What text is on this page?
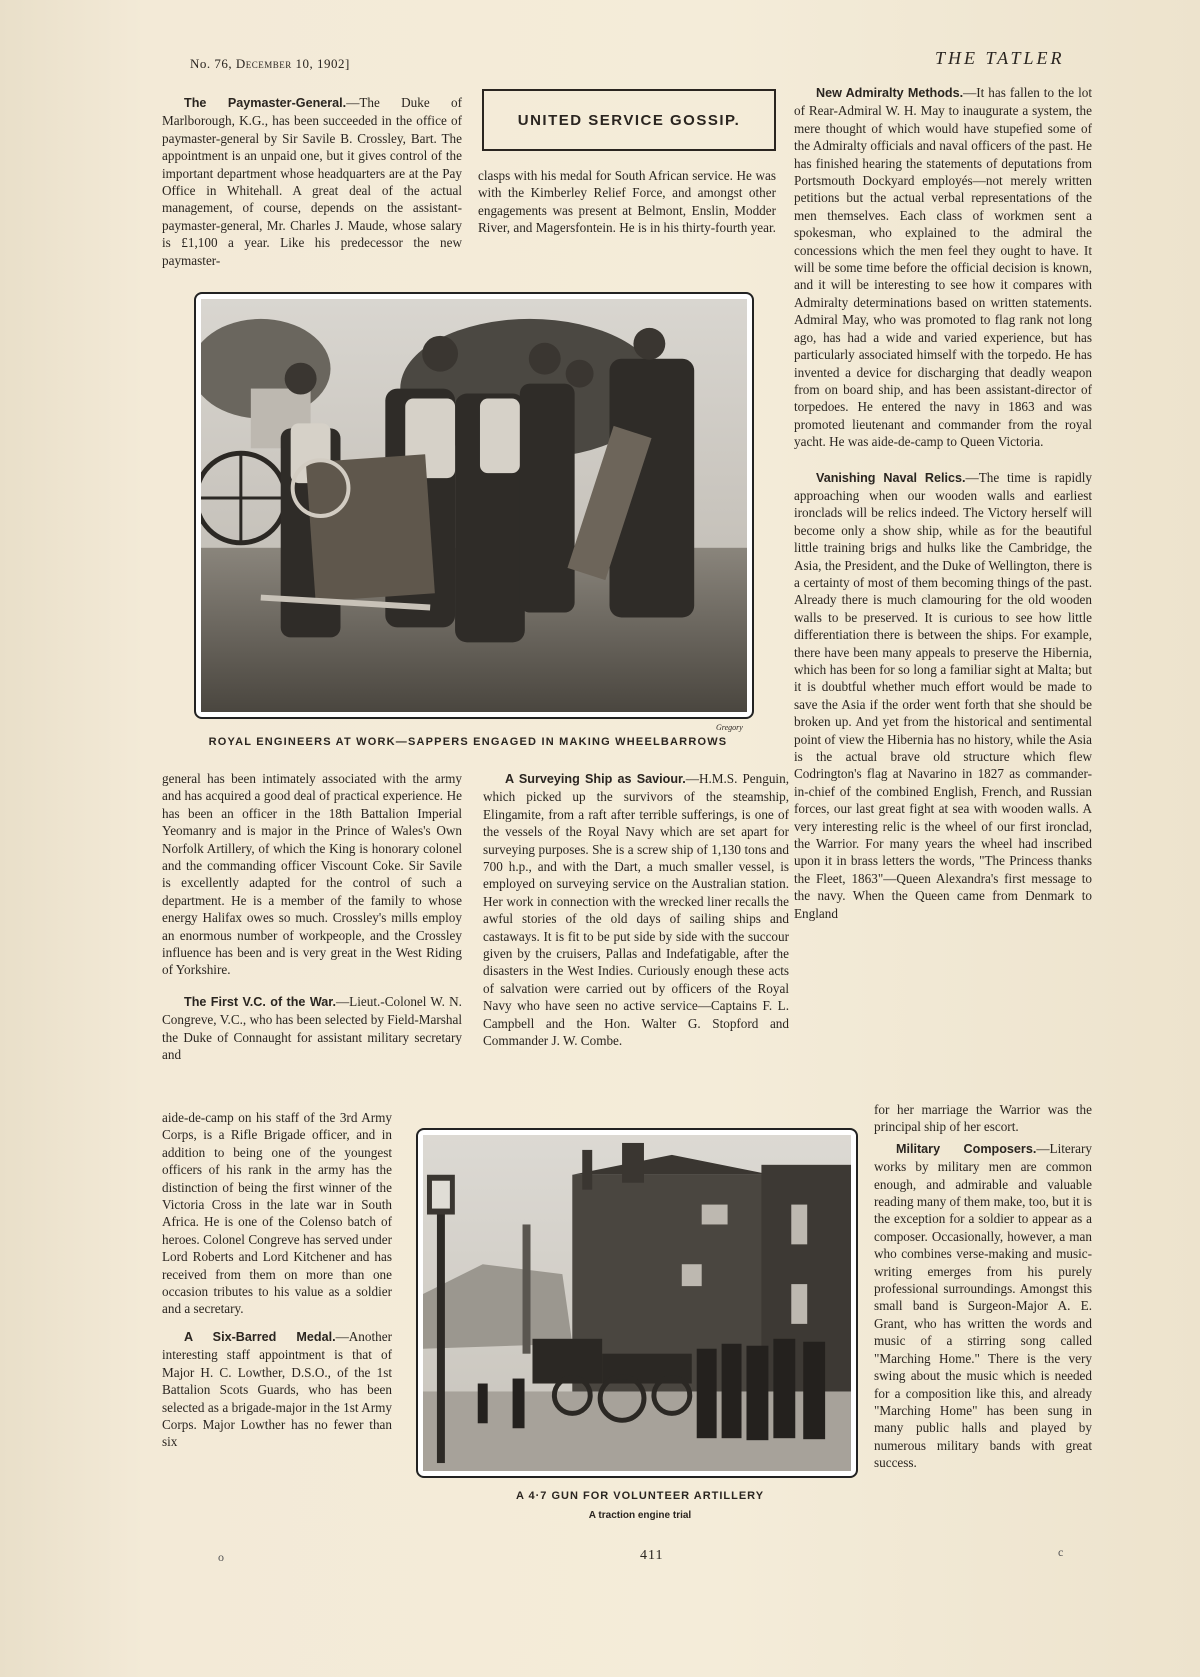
No. 76, December 10, 1902]	THE TATLER

The Paymaster-General.—The Duke of Marlborough, K.G., has been succeeded in the office of paymaster-general by Sir Savile B. Crossley, Bart. The appointment is an unpaid one, but it gives control of the important department whose headquarters are at the Pay Office in Whitehall. A great deal of the actual management, of course, depends on the assistant-paymaster-general, Mr. Charles J. Maude, whose salary is £1,100 a year. Like his predecessor the new paymaster-

UNITED SERVICE GOSSIP.

clasps with his medal for South African service. He was with the Kimberley Relief Force, and amongst other engagements was present at Belmont, Enslin, Modder River, and Magersfontein. He is in his thirty-fourth year.

Gregory
ROYAL ENGINEERS AT WORK—SAPPERS ENGAGED IN MAKING WHEELBARROWS

general has been intimately associated with the army and has acquired a good deal of practical experience. He has been an officer in the 18th Battalion Imperial Yeomanry and is major in the Prince of Wales's Own Norfolk Artillery, of which the King is honorary colonel and the commanding officer Viscount Coke. Sir Savile is excellently adapted for the control of such a department. He is a member of the family to whose energy Halifax owes so much. Crossley's mills employ an enormous number of workpeople, and the Crossley influence has been and is very great in the West Riding of Yorkshire.

The First V.C. of the War.—Lieut.-Colonel W. N. Congreve, V.C., who has been selected by Field-Marshal the Duke of Connaught for assistant military secretary and

aide-de-camp on his staff of the 3rd Army Corps, is a Rifle Brigade officer, and in addition to being one of the youngest officers of his rank in the army has the distinction of being the first winner of the Victoria Cross in the late war in South Africa. He is one of the Colenso batch of heroes. Colonel Congreve has served under Lord Roberts and Lord Kitchener and has received from them on more than one occasion tributes to his value as a soldier and a secretary.

A Six-Barred Medal.—Another interesting staff appointment is that of Major H. C. Lowther, D.S.O., of the 1st Battalion Scots Guards, who has been selected as a brigade-major in the 1st Army Corps. Major Lowther has no fewer than six

A Surveying Ship as Saviour.—H.M.S. Penguin, which picked up the survivors of the steamship, Elingamite, from a raft after terrible sufferings, is one of the vessels of the Royal Navy which are set apart for surveying purposes. She is a screw ship of 1,130 tons and 700 h.p., and with the Dart, a much smaller vessel, is employed on surveying service on the Australian station. Her work in connection with the wrecked liner recalls the awful stories of the old days of sailing ships and castaways. It is fit to be put side by side with the succour given by the cruisers, Pallas and Indefatigable, after the disasters in the West Indies. Curiously enough these acts of salvation were carried out by officers of the Royal Navy who have seen no active service—Captains F. L. Campbell and the Hon. Walter G. Stopford and Commander J. W. Combe.

A 4·7 GUN FOR VOLUNTEER ARTILLERY
A traction engine trial

New Admiralty Methods.—It has fallen to the lot of Rear-Admiral W. H. May to inaugurate a system, the mere thought of which would have stupefied some of the Admiralty officials and naval officers of the past. He has finished hearing the statements of deputations from Portsmouth Dockyard employés—not merely written petitions but the actual verbal representations of the men themselves. Each class of workmen sent a spokesman, who explained to the admiral the concessions which the men feel they ought to have. It will be some time before the official decision is known, and it will be interesting to see how it compares with Admiralty determinations based on written statements. Admiral May, who was promoted to flag rank not long ago, has had a wide and varied experience, but has particularly associated himself with the torpedo. He has invented a device for discharging that deadly weapon from on board ship, and has been assistant-director of torpedoes. He entered the navy in 1863 and was promoted lieutenant and commander from the royal yacht. He was aide-de-camp to Queen Victoria.

Vanishing Naval Relics.—The time is rapidly approaching when our wooden walls and earliest ironclads will be relics indeed. The Victory herself will become only a show ship, while as for the beautiful little training brigs and hulks like the Cambridge, the Asia, the President, and the Duke of Wellington, there is a certainty of most of them becoming things of the past. Already there is much clamouring for the old wooden walls to be preserved. It is curious to see how little differentiation there is between the ships. For example, there have been many appeals to preserve the Hibernia, which has been for so long a familiar sight at Malta; but it is doubtful whether much effort would be made to save the Asia if the order went forth that she should be broken up. And yet from the historical and sentimental point of view the Hibernia has no history, while the Asia is the actual brave old structure which flew Codrington's flag at Navarino in 1827 as commander-in-chief of the combined English, French, and Russian forces, our last great fight at sea with wooden walls. A very interesting relic is the wheel of our first ironclad, the Warrior. For many years the wheel had inscribed upon it in brass letters the words, "The Princess thanks the Fleet, 1863"—Queen Alexandra's first message to the navy. When the Queen came from Denmark to England

for her marriage the Warrior was the principal ship of her escort.

Military Composers.—Literary works by military men are common enough, and admirable and valuable reading many of them make, too, but it is the exception for a soldier to appear as a composer. Occasionally, however, a man who combines verse-making and music-writing emerges from his purely professional surroundings. Amongst this small band is Surgeon-Major A. E. Grant, who has written the words and music of a stirring song called "Marching Home." There is the very swing about the music which is needed for a composition like this, and already "Marching Home" has been sung in many public halls and played by numerous military bands with great success.

o	411	c
